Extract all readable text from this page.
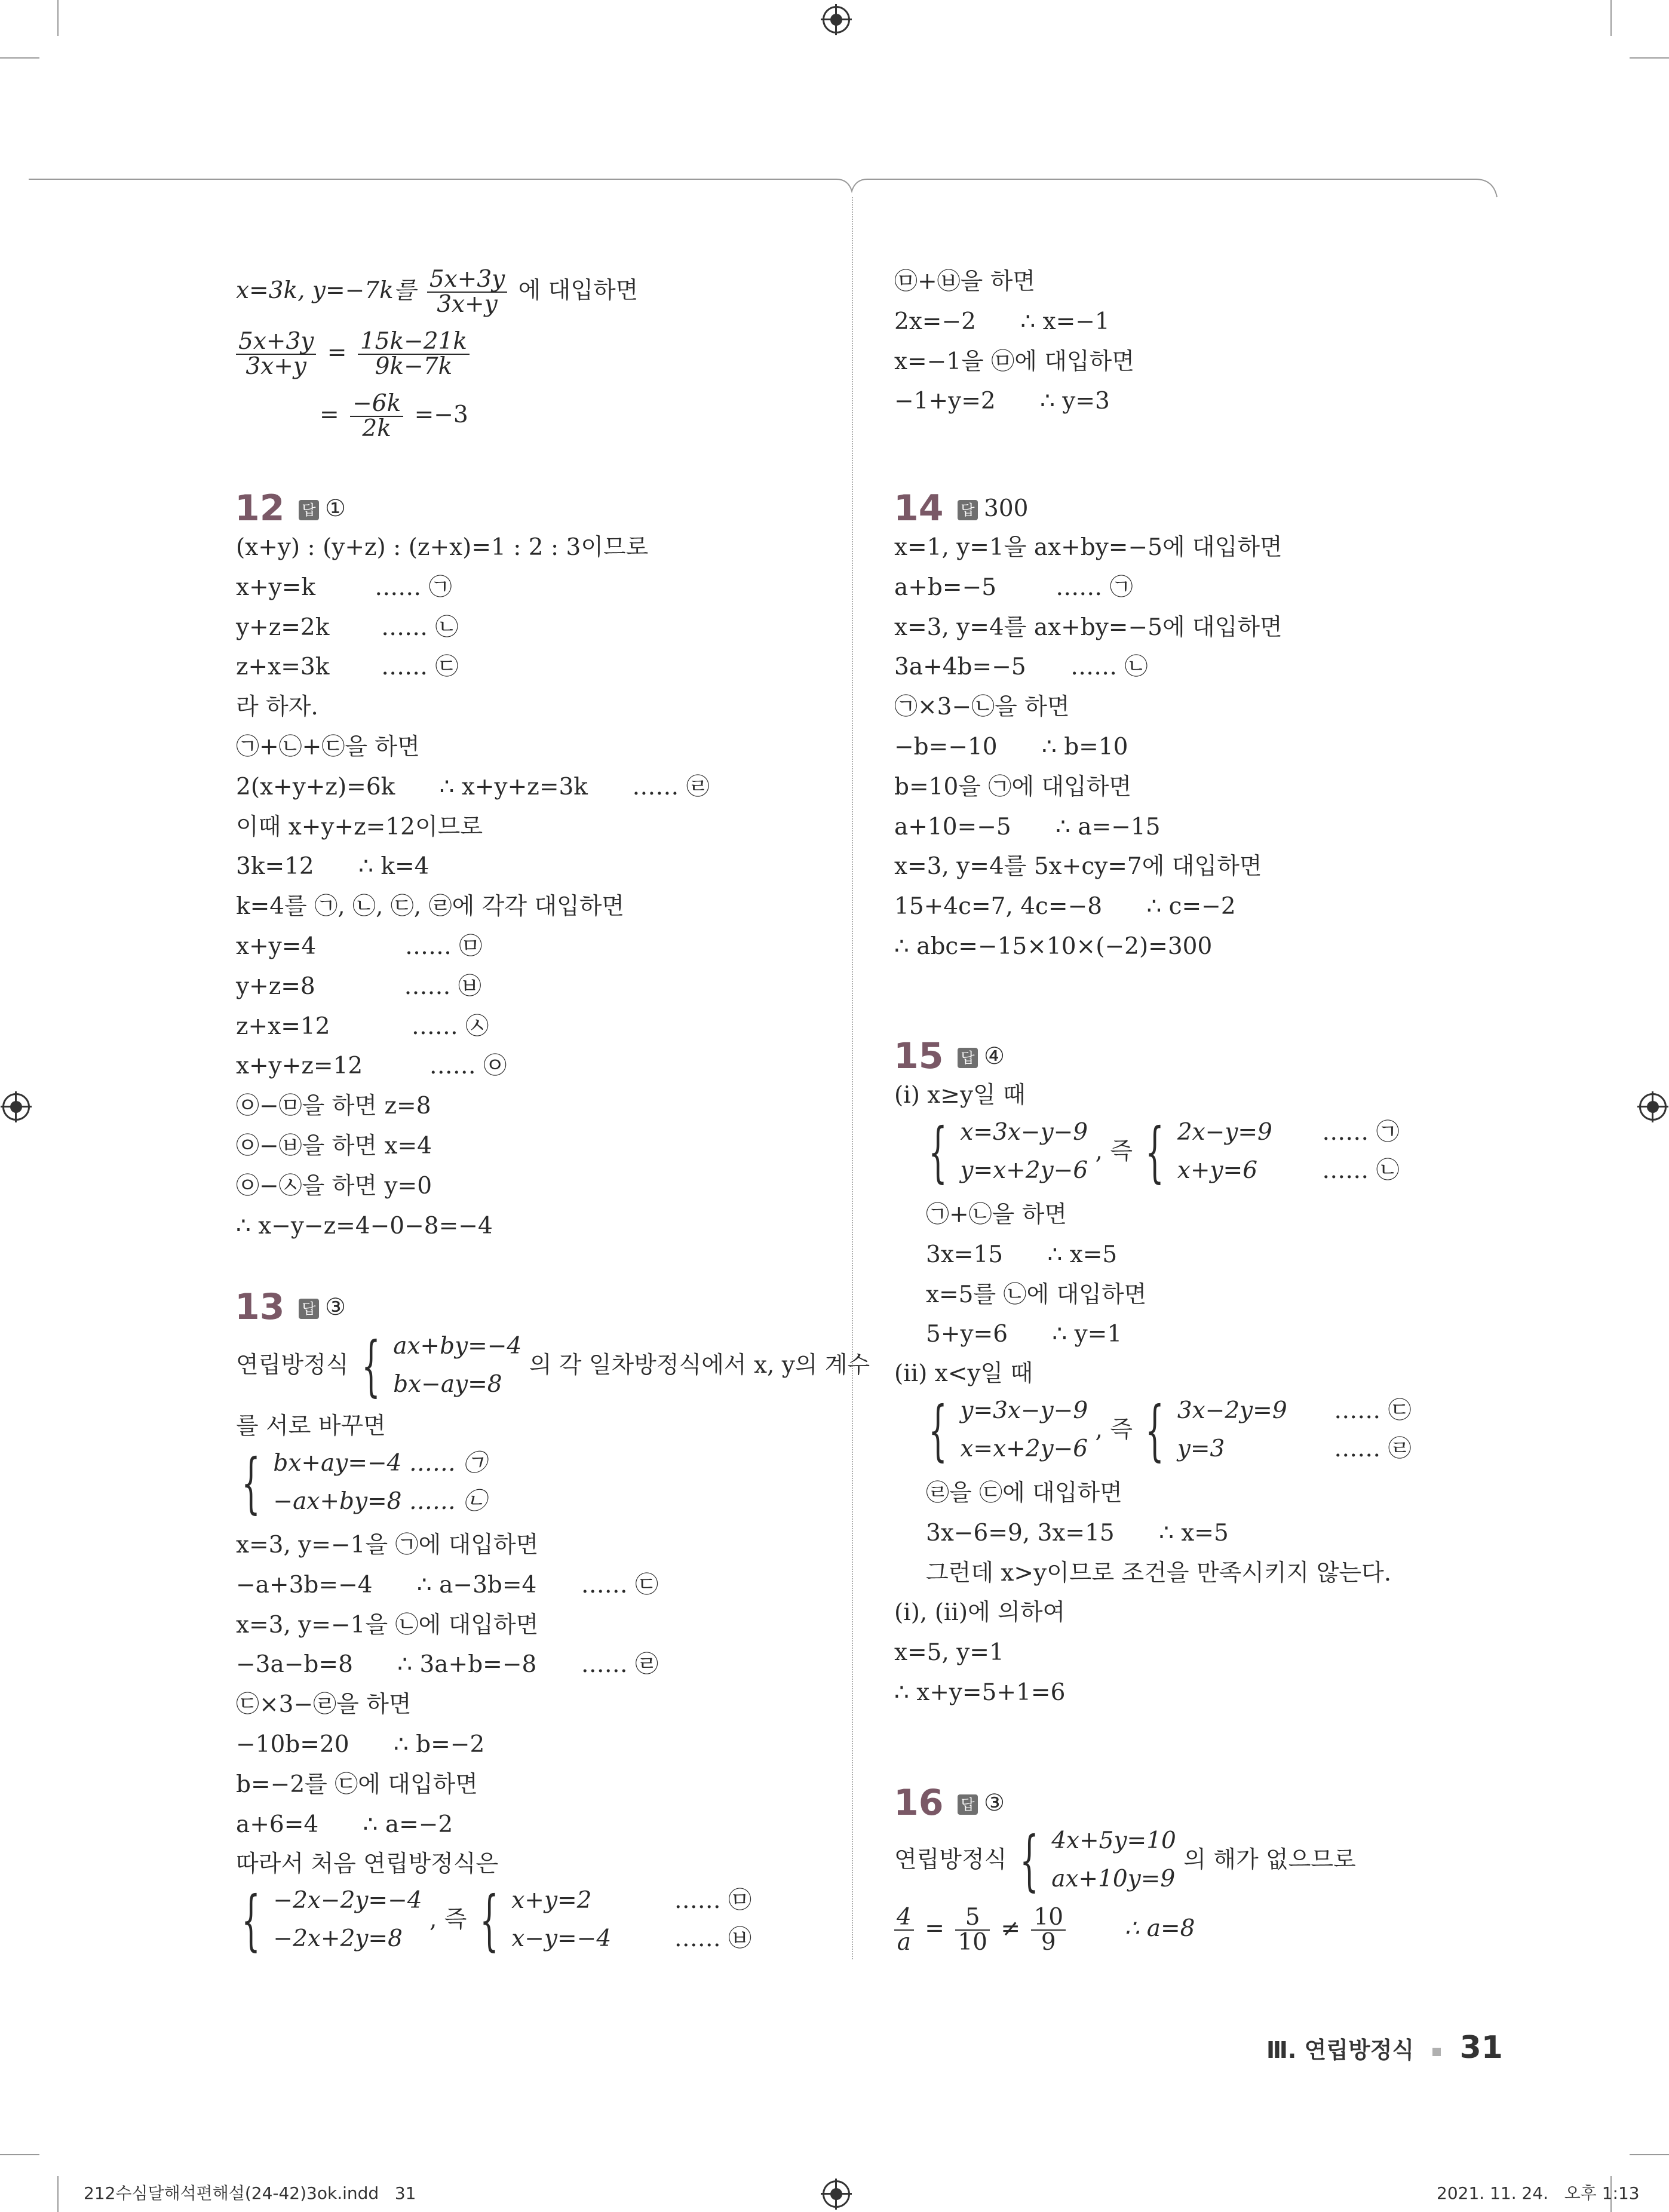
x=3k, y=−7k를 $\frac{5x+3y}{3x+y}$ 에 대입하면
$\frac{5x+3y}{3x+y} = \frac{15k-21k}{9k-7k}$
= $\frac{-6k}{2k} =-3$
12 답 ①
(x+y) : (y+z) : (z+x)=1 : 2 : 3이므로
x+y=k        …… ㉠
y+z=2k       …… ㉡
z+x=3k       …… ㉢
라 하자.
㉠+㉡+㉢을 하면
2(x+y+z)=6k      ∴ x+y+z=3k      …… ㉣
이때 x+y+z=12이므로
3k=12      ∴ k=4
k=4를 ㉠, ㉡, ㉢, ㉣에 각각 대입하면
x+y=4            …… ㉤
y+z=8            …… ㉥
z+x=12           …… ㉦
x+y+z=12         …… ㉧
㉧−㉤을 하면 z=8
㉧−㉥을 하면 x=4
㉧−㉦을 하면 y=0
∴ x−y−z=4−0−8=−4
13 답 ③
연립방정식 { ax+by=−4
bx−ay=8
의 각 일차방정식에서 x, y의 계수
를 서로 바꾸면
{ bx+ay=−4 …… ㉠
−ax+by=8 …… ㉡
x=3, y=−1을 ㉠에 대입하면
−a+3b=−4      ∴ a−3b=4      …… ㉢
x=3, y=−1을 ㉡에 대입하면
−3a−b=8      ∴ 3a+b=−8      …… ㉣
㉢×3−㉣을 하면
−10b=20      ∴ b=−2
b=−2를 ㉢에 대입하면
a+6=4      ∴ a=−2
따라서 처음 연립방정식은
{ −2x−2y=−4
−2x+2y=8
, 즉 { x+y=2
x−y=−4

…… ㉤
…… ㉥
㉤+㉥을 하면
2x=−2      ∴ x=−1
x=−1을 ㉤에 대입하면
−1+y=2      ∴ y=3
14 답 300
x=1, y=1을 ax+by=−5에 대입하면
a+b=−5        …… ㉠
x=3, y=4를 ax+by=−5에 대입하면
3a+4b=−5      …… ㉡
㉠×3−㉡을 하면
−b=−10      ∴ b=10
b=10을 ㉠에 대입하면
a+10=−5      ∴ a=−15
x=3, y=4를 5x+cy=7에 대입하면
15+4c=7, 4c=−8      ∴ c=−2
∴ abc=−15×10×(−2)=300
15 답 ④
(ⅰ) x≥y일 때
{ x=3x−y−9
y=x+2y−6
, 즉 { 2x−y=9
x+y=6

…… ㉠
…… ㉡
㉠+㉡을 하면
3x=15      ∴ x=5
x=5를 ㉡에 대입하면
5+y=6      ∴ y=1
(ⅱ) x<y일 때
{ y=3x−y−9
x=x+2y−6
, 즉 { 3x−2y=9
y=3

…… ㉢
…… ㉣
㉣을 ㉢에 대입하면
3x−6=9, 3x=15      ∴ x=5
그런데 x>y이므로 조건을 만족시키지 않는다.
(ⅰ), (ⅱ)에 의하여
x=5, y=1
∴ x+y=5+1=6
16 답 ③
연립방정식 { 4x+5y=10
ax+10y=9
의 해가 없으므로
$\frac{4}{a} = \frac{5}{10} \ne \frac{10}{9}$	∴ a=8
Ⅲ. 연립방정식 31
212수심달해석편해설(24-42)3ok.indd   31	2021. 11. 24.   오후 1:13
